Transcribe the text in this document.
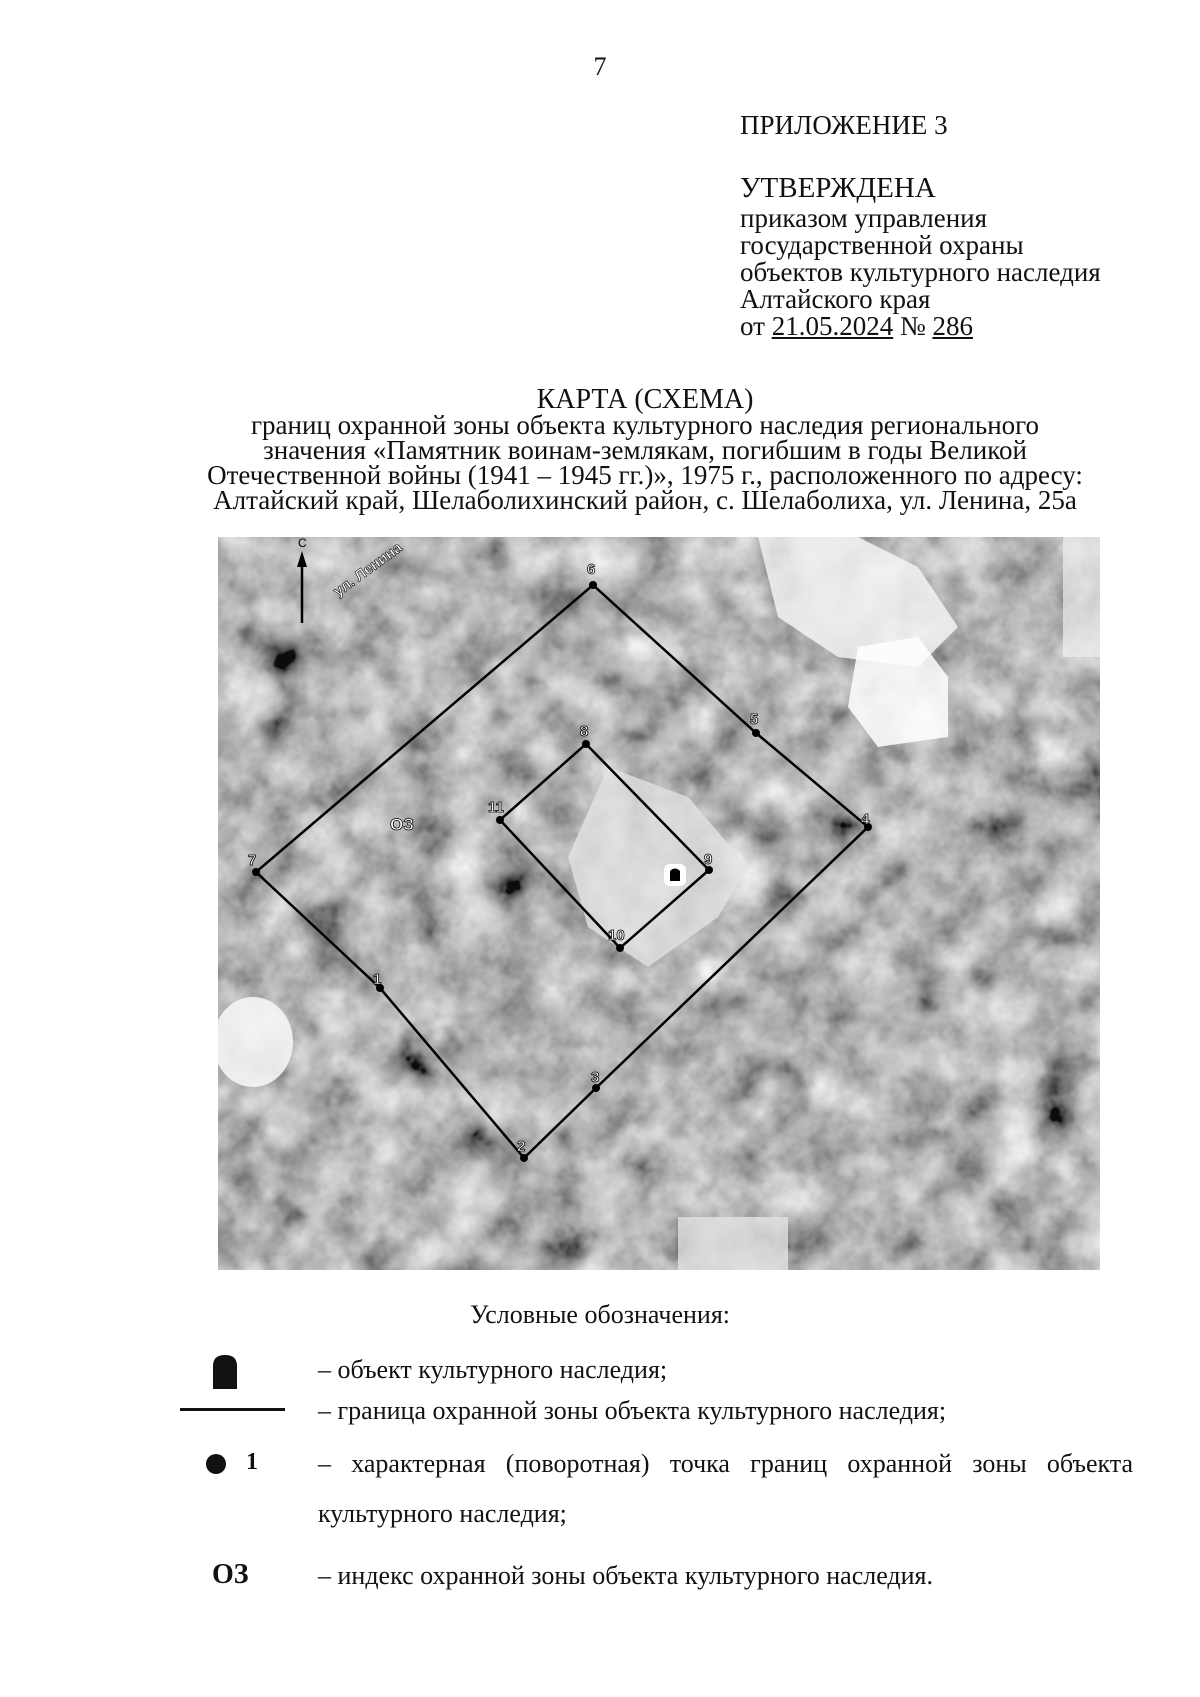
7
ПРИЛОЖЕНИЕ 3
УТВЕРЖДЕНА
приказом управления
государственной охраны
объектов культурного наследия
Алтайского края
от 21.05.2024 № 286
КАРТА (СХЕМА)
границ охранной зоны объекта культурного наследия регионального
значения «Памятник воинам-землякам, погибшим в годы Великой
Отечественной войны (1941 – 1945 гг.)», 1975 г., расположенного по адресу:
Алтайский край, Шелаболихинский район, с. Шелаболиха, ул. Ленина, 25а
С ул. Ленина
ОЗ
1
2
3
4
5
6
7
8
9
10
11
Условные обозначения:
– объект культурного наследия;
– граница охранной зоны объекта культурного наследия;
1 – характерная (поворотная) точка границ охранной зоны объекта
культурного наследия;
ОЗ	– индекс охранной зоны объекта культурного наследия.
